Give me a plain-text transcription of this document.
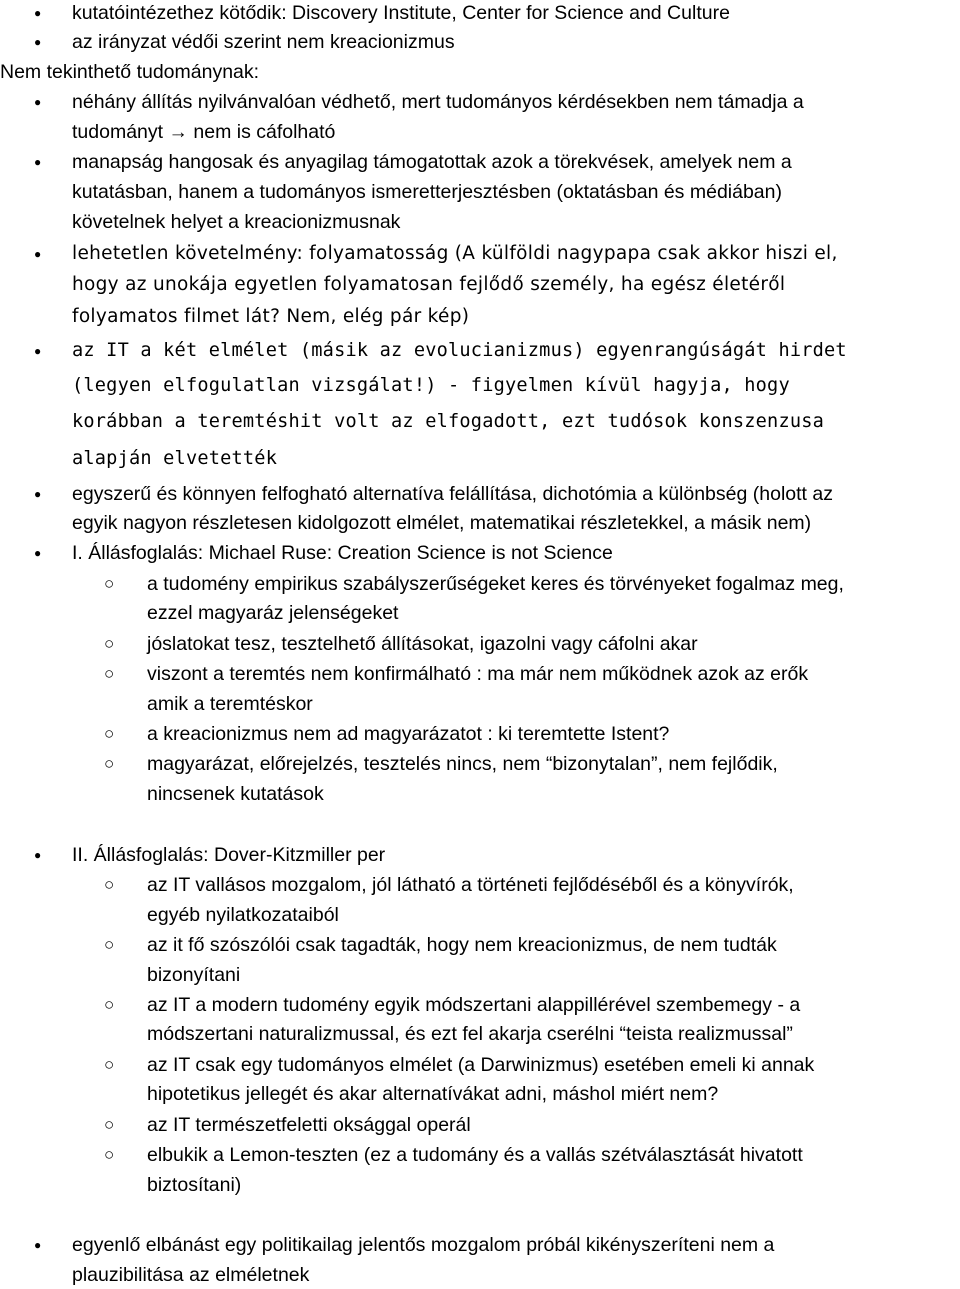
● kutatóintézethez kötődik: Discovery Institute, Center for Science and Culture
● az irányzat védői szerint nem kreacionizmus
Nem tekinthető tudománynak:
● néhány állítás nyilvánvalóan védhető, mert tudományos kérdésekben nem támadja a
tudományt → nem is cáfolható
● manapság hangosak és anyagilag támogatottak azok a törekvések, amelyek nem a
kutatásban, hanem a tudományos ismeretterjesztésben (oktatásban és médiában)
követelnek helyet a kreacionizmusnak
● lehetetlen követelmény: folyamatosság (A külföldi nagypapa csak akkor hiszi el,
hogy az unokája egyetlen folyamatosan fejlődő személy, ha egész életéről
folyamatos filmet lát? Nem, elég pár kép)
● az IT a két elmélet (másik az evolucianizmus) egyenrangúságát hirdet
(legyen elfogulatlan vizsgálat!) - figyelmen kívül hagyja, hogy
korábban a teremtéshit volt az elfogadott, ezt tudósok konszenzusa
alapján elvetették
● egyszerű és könnyen felfogható alternatíva felállítása, dichotómia a különbség (holott az
egyik nagyon részletesen kidolgozott elmélet, matematikai részletekkel, a másik nem)
● I. Állásfoglalás: Michael Ruse: Creation Science is not Science
○ a tudomény empirikus szabályszerűségeket keres és törvényeket fogalmaz meg,
ezzel magyaráz jelenségeket
○ jóslatokat tesz, tesztelhető állításokat, igazolni vagy cáfolni akar
○ viszont a teremtés nem konfirmálható : ma már nem működnek azok az erők
amik a teremtéskor
○ a kreacionizmus nem ad magyarázatot : ki teremtette Istent?
○ magyarázat, előrejelzés, tesztelés nincs, nem “bizonytalan”, nem fejlődik,
nincsenek kutatások
● II. Állásfoglalás: Dover-Kitzmiller per
○ az IT vallásos mozgalom, jól látható a történeti fejlődéséből és a könyvírók,
egyéb nyilatkozataiból
○ az it fő szószólói csak tagadták, hogy nem kreacionizmus, de nem tudták
bizonyítani
○ az IT a modern tudomény egyik módszertani alappillérével szembemegy - a
módszertani naturalizmussal, és ezt fel akarja cserélni “teista realizmussal”
○ az IT csak egy tudományos elmélet (a Darwinizmus) esetében emeli ki annak
hipotetikus jellegét és akar alternatívákat adni, máshol miért nem?
○ az IT természetfeletti oksággal operál
○ elbukik a Lemon-teszten (ez a tudomány és a vallás szétválasztását hivatott
biztosítani)
● egyenlő elbánást egy politikailag jelentős mozgalom próbál kikényszeríteni nem a
plauzibilitása az elméletnek
